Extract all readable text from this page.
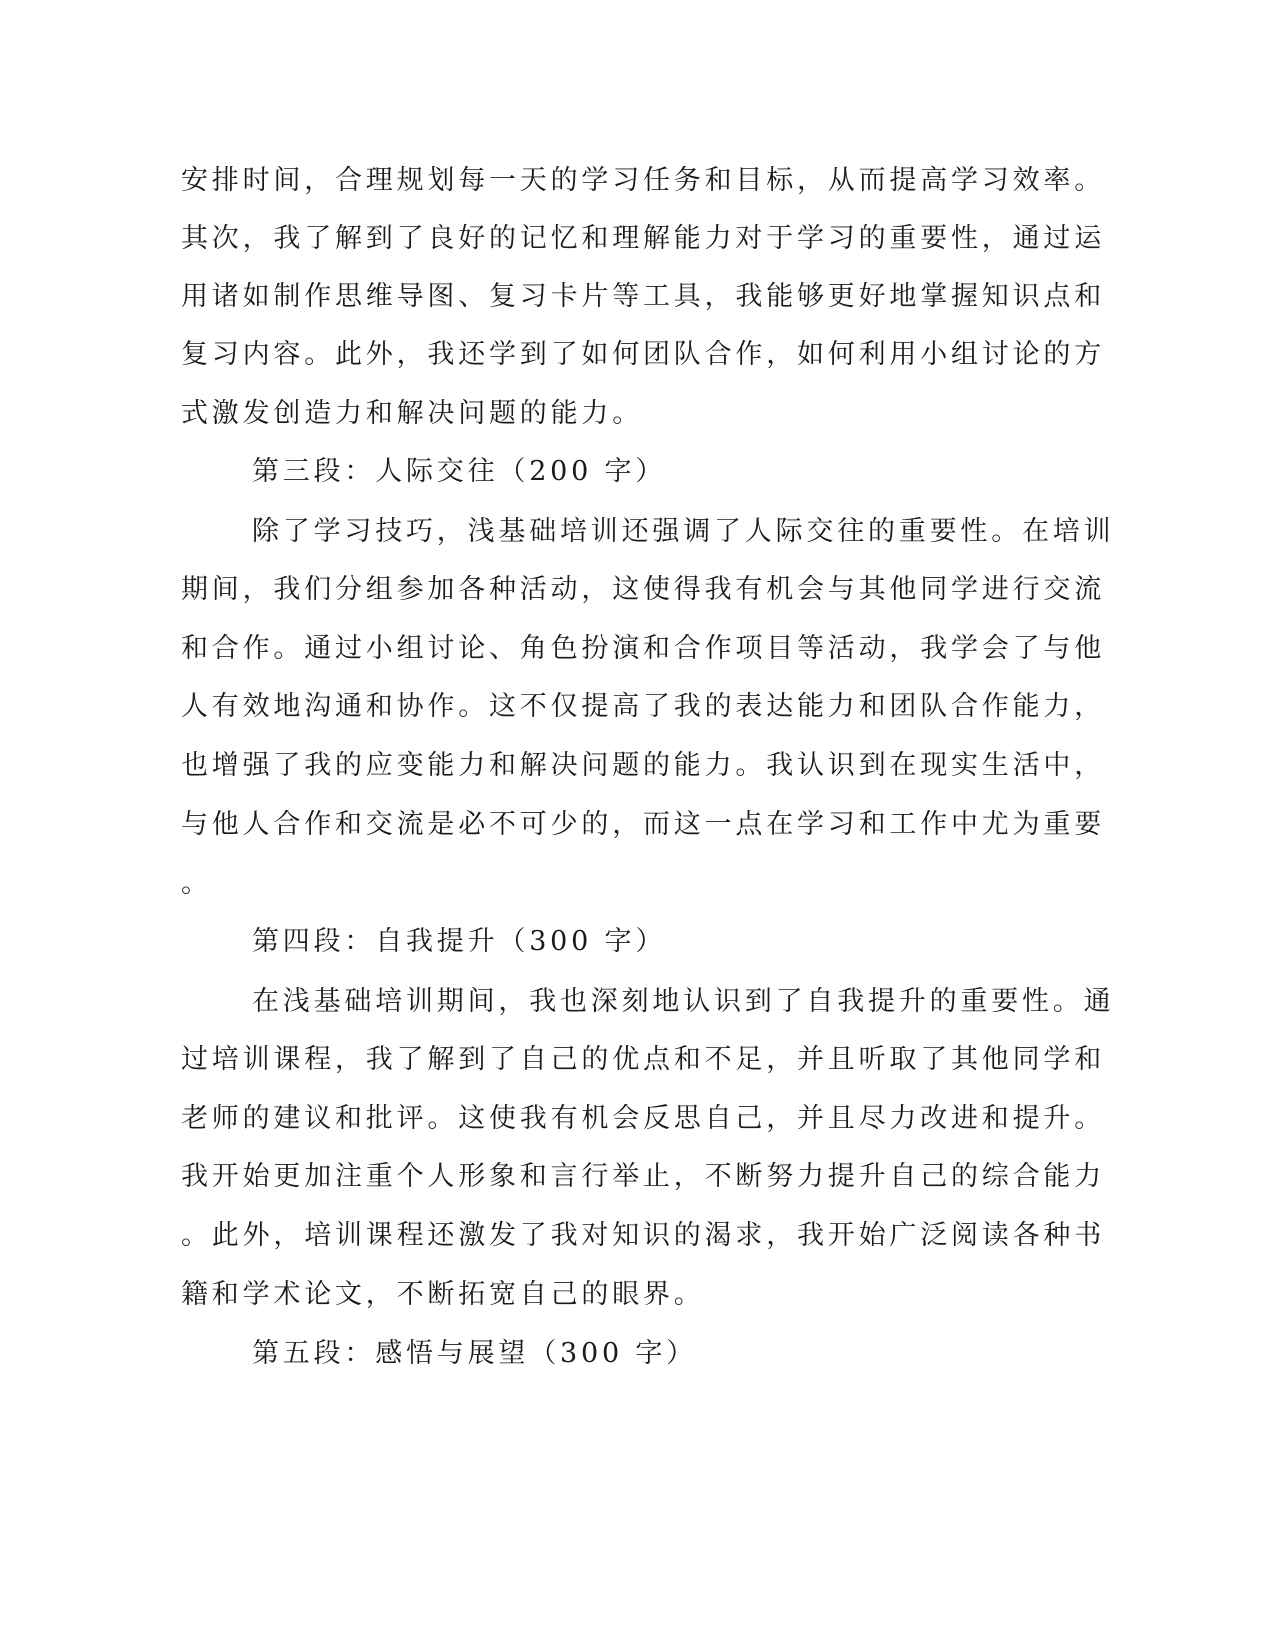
安排时间，合理规划每一天的学习任务和目标，从而提高学习效率。
其次，我了解到了良好的记忆和理解能力对于学习的重要性，通过运
用诸如制作思维导图、复习卡片等工具，我能够更好地掌握知识点和
复习内容。此外，我还学到了如何团队合作，如何利用小组讨论的方
式激发创造力和解决问题的能力。
第三段：人际交往（200 字）
除了学习技巧，浅基础培训还强调了人际交往的重要性。在培训
期间，我们分组参加各种活动，这使得我有机会与其他同学进行交流
和合作。通过小组讨论、角色扮演和合作项目等活动，我学会了与他
人有效地沟通和协作。这不仅提高了我的表达能力和团队合作能力，
也增强了我的应变能力和解决问题的能力。我认识到在现实生活中，
与他人合作和交流是必不可少的，而这一点在学习和工作中尤为重要
。
第四段：自我提升（300 字）
在浅基础培训期间，我也深刻地认识到了自我提升的重要性。通
过培训课程，我了解到了自己的优点和不足，并且听取了其他同学和
老师的建议和批评。这使我有机会反思自己，并且尽力改进和提升。
我开始更加注重个人形象和言行举止，不断努力提升自己的综合能力
。此外，培训课程还激发了我对知识的渴求，我开始广泛阅读各种书
籍和学术论文，不断拓宽自己的眼界。
第五段：感悟与展望（300 字）
